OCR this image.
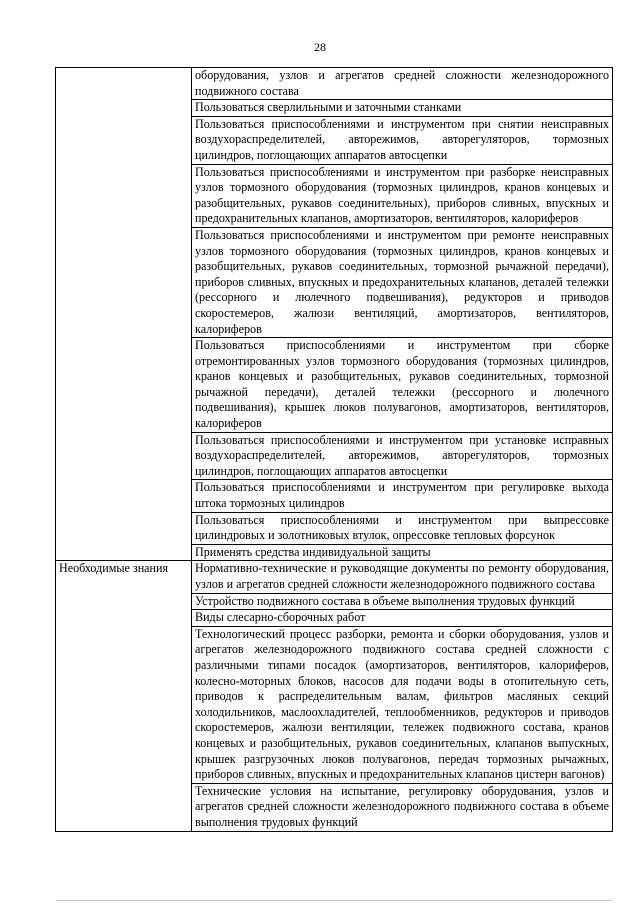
28
	оборудования, узлов и агрегатов средней сложности железнодорожного подвижного состава
	Пользоваться сверлильными и заточными станками
	Пользоваться приспособлениями и инструментом при снятии неисправных воздухораспределителей, авторежимов, авторегуляторов, тормозных цилиндров, поглощающих аппаратов автосцепки
	Пользоваться приспособлениями и инструментом при разборке неисправных узлов тормозного оборудования (тормозных цилиндров, кранов концевых и разобщительных, рукавов соединительных), приборов сливных, впускных и предохранительных клапанов, амортизаторов, вентиляторов, калориферов
	Пользоваться приспособлениями и инструментом при ремонте неисправных узлов тормозного оборудования (тормозных цилиндров, кранов концевых и разобщительных, рукавов соединительных, тормозной рычажной передачи), приборов сливных, впускных и предохранительных клапанов, деталей тележки (рессорного и люлечного подвешивания), редукторов и приводов скоростемеров, жалюзи вентиляций, амортизаторов, вентиляторов, калориферов
	Пользоваться приспособлениями и инструментом при сборке отремонтированных узлов тормозного оборудования (тормозных цилиндров, кранов концевых и разобщительных, рукавов соединительных, тормозной рычажной передачи), деталей тележки (рессорного и люлечного подвешивания), крышек люков полувагонов, амортизаторов, вентиляторов, калориферов
	Пользоваться приспособлениями и инструментом при установке исправных воздухораспределителей, авторежимов, авторегуляторов, тормозных цилиндров, поглощающих аппаратов автосцепки
	Пользоваться приспособлениями и инструментом при регулировке выхода штока тормозных цилиндров
	Пользоваться приспособлениями и инструментом при выпрессовке цилиндровых и золотниковых втулок, опрессовке тепловых форсунок
	Применять средства индивидуальной защиты
Необходимые знания	Нормативно-технические и руководящие документы по ремонту оборудования, узлов и агрегатов средней сложности железнодорожного подвижного состава
	Устройство подвижного состава в объеме выполнения трудовых функций
	Виды слесарно-сборочных работ
	Технологический процесс разборки, ремонта и сборки оборудования, узлов и агрегатов железнодорожного подвижного состава средней сложности с различными типами посадок (амортизаторов, вентиляторов, калориферов, колесно-моторных блоков, насосов для подачи воды в отопительную сеть, приводов к распределительным валам, фильтров масляных секций холодильников, маслоохладителей, теплообменников, редукторов и приводов скоростемеров, жалюзи вентиляции, тележек подвижного состава, кранов концевых и разобщительных, рукавов соединительных, клапанов выпускных, крышек разгрузочных люков полувагонов, передач тормозных рычажных, приборов сливных, впускных и предохранительных клапанов цистерн вагонов)
	Технические условия на испытание, регулировку оборудования, узлов и агрегатов средней сложности железнодорожного подвижного состава в объеме выполнения трудовых функций
